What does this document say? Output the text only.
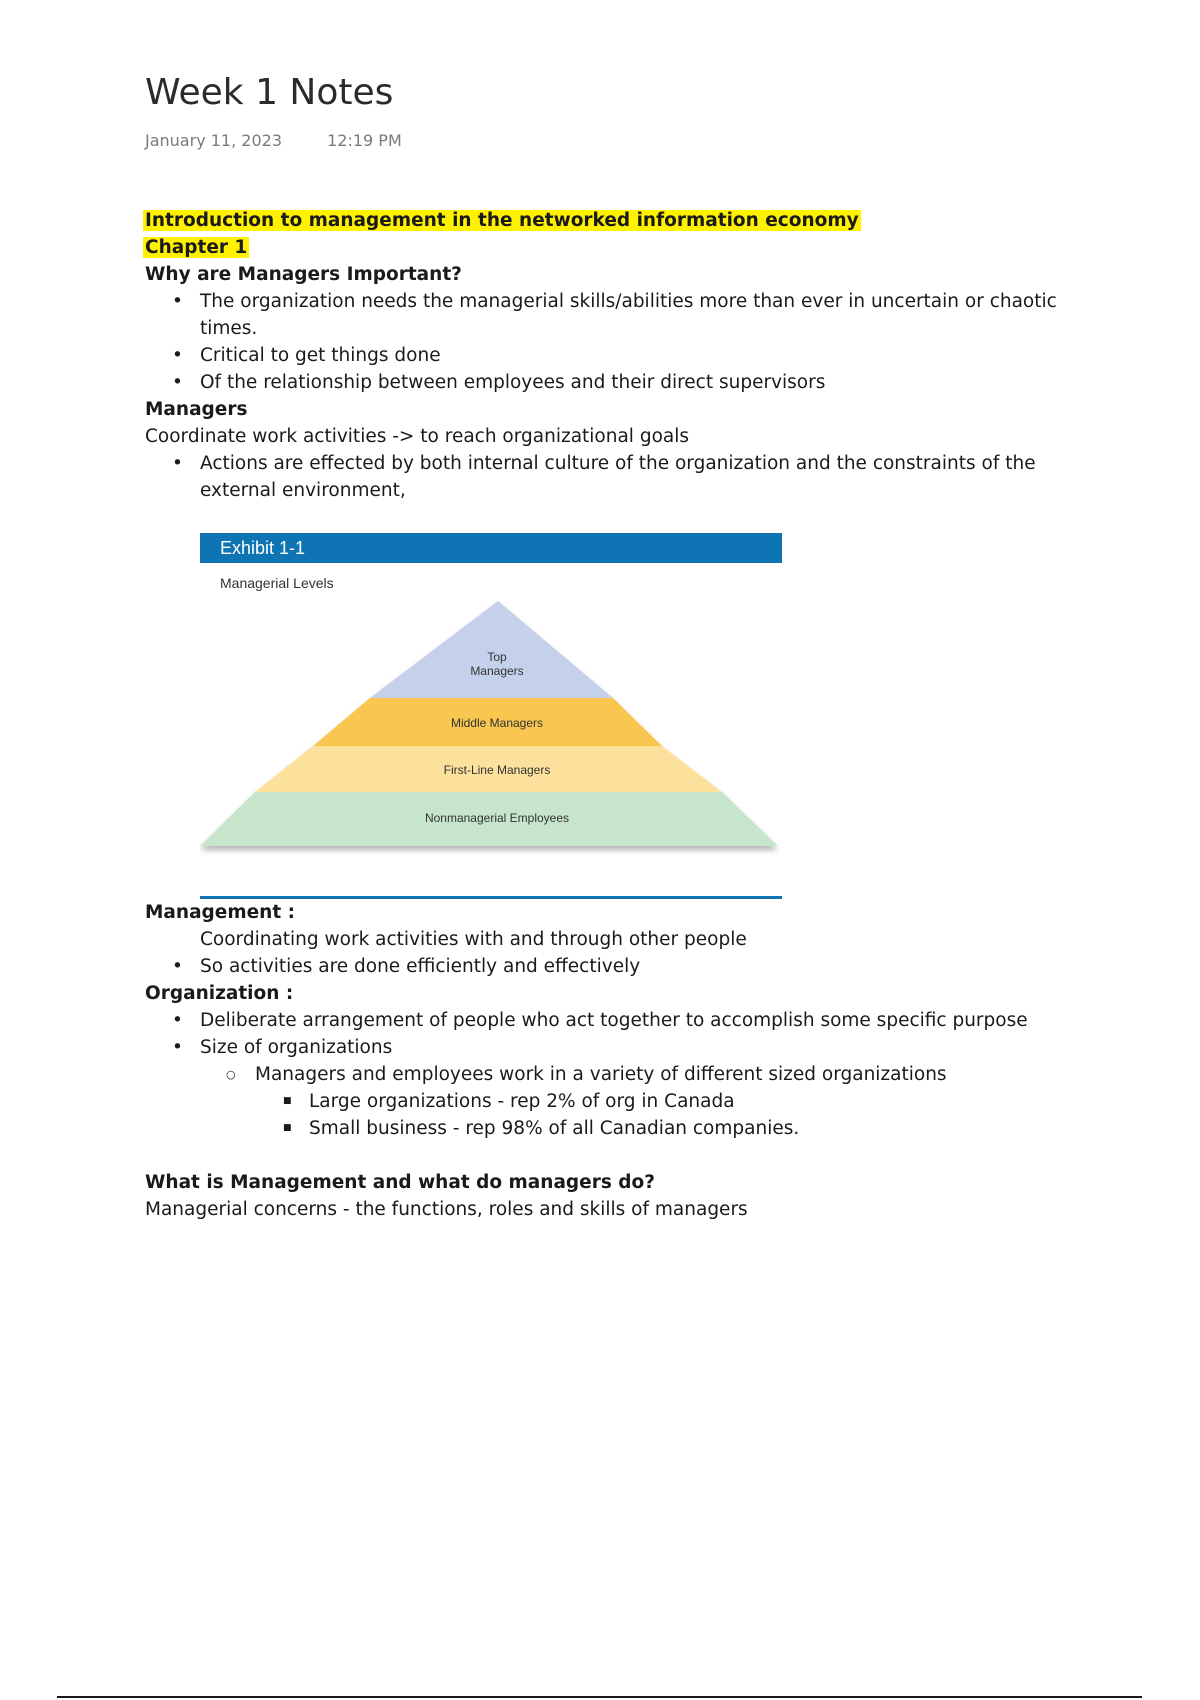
Week 1 Notes
January 11, 2023	12:19 PM
Introduction to management in the networked information economy
Chapter 1
Why are Managers Important?
• The organization needs the managerial skills/abilities more than ever in uncertain or chaotic times.
• Critical to get things done
• Of the relationship between employees and their direct supervisors
Managers
Coordinate work activities -> to reach organizational goals
• Actions are effected by both internal culture of the organization and the constraints of the external environment,
Management :
Coordinating work activities with and through other people
• So activities are done efficiently and effectively
Organization :
• Deliberate arrangement of people who act together to accomplish some specific purpose
• Size of organizations
○ Managers and employees work in a variety of different sized organizations
■ Large organizations - rep 2% of org in Canada
■ Small business - rep 98% of all Canadian companies.
What is Management and what do managers do?
Managerial concerns - the functions, roles and skills of managers
Exhibit 1-1
Managerial Levels
Top
Managers
Middle Managers
First-Line Managers
Nonmanagerial Employees
